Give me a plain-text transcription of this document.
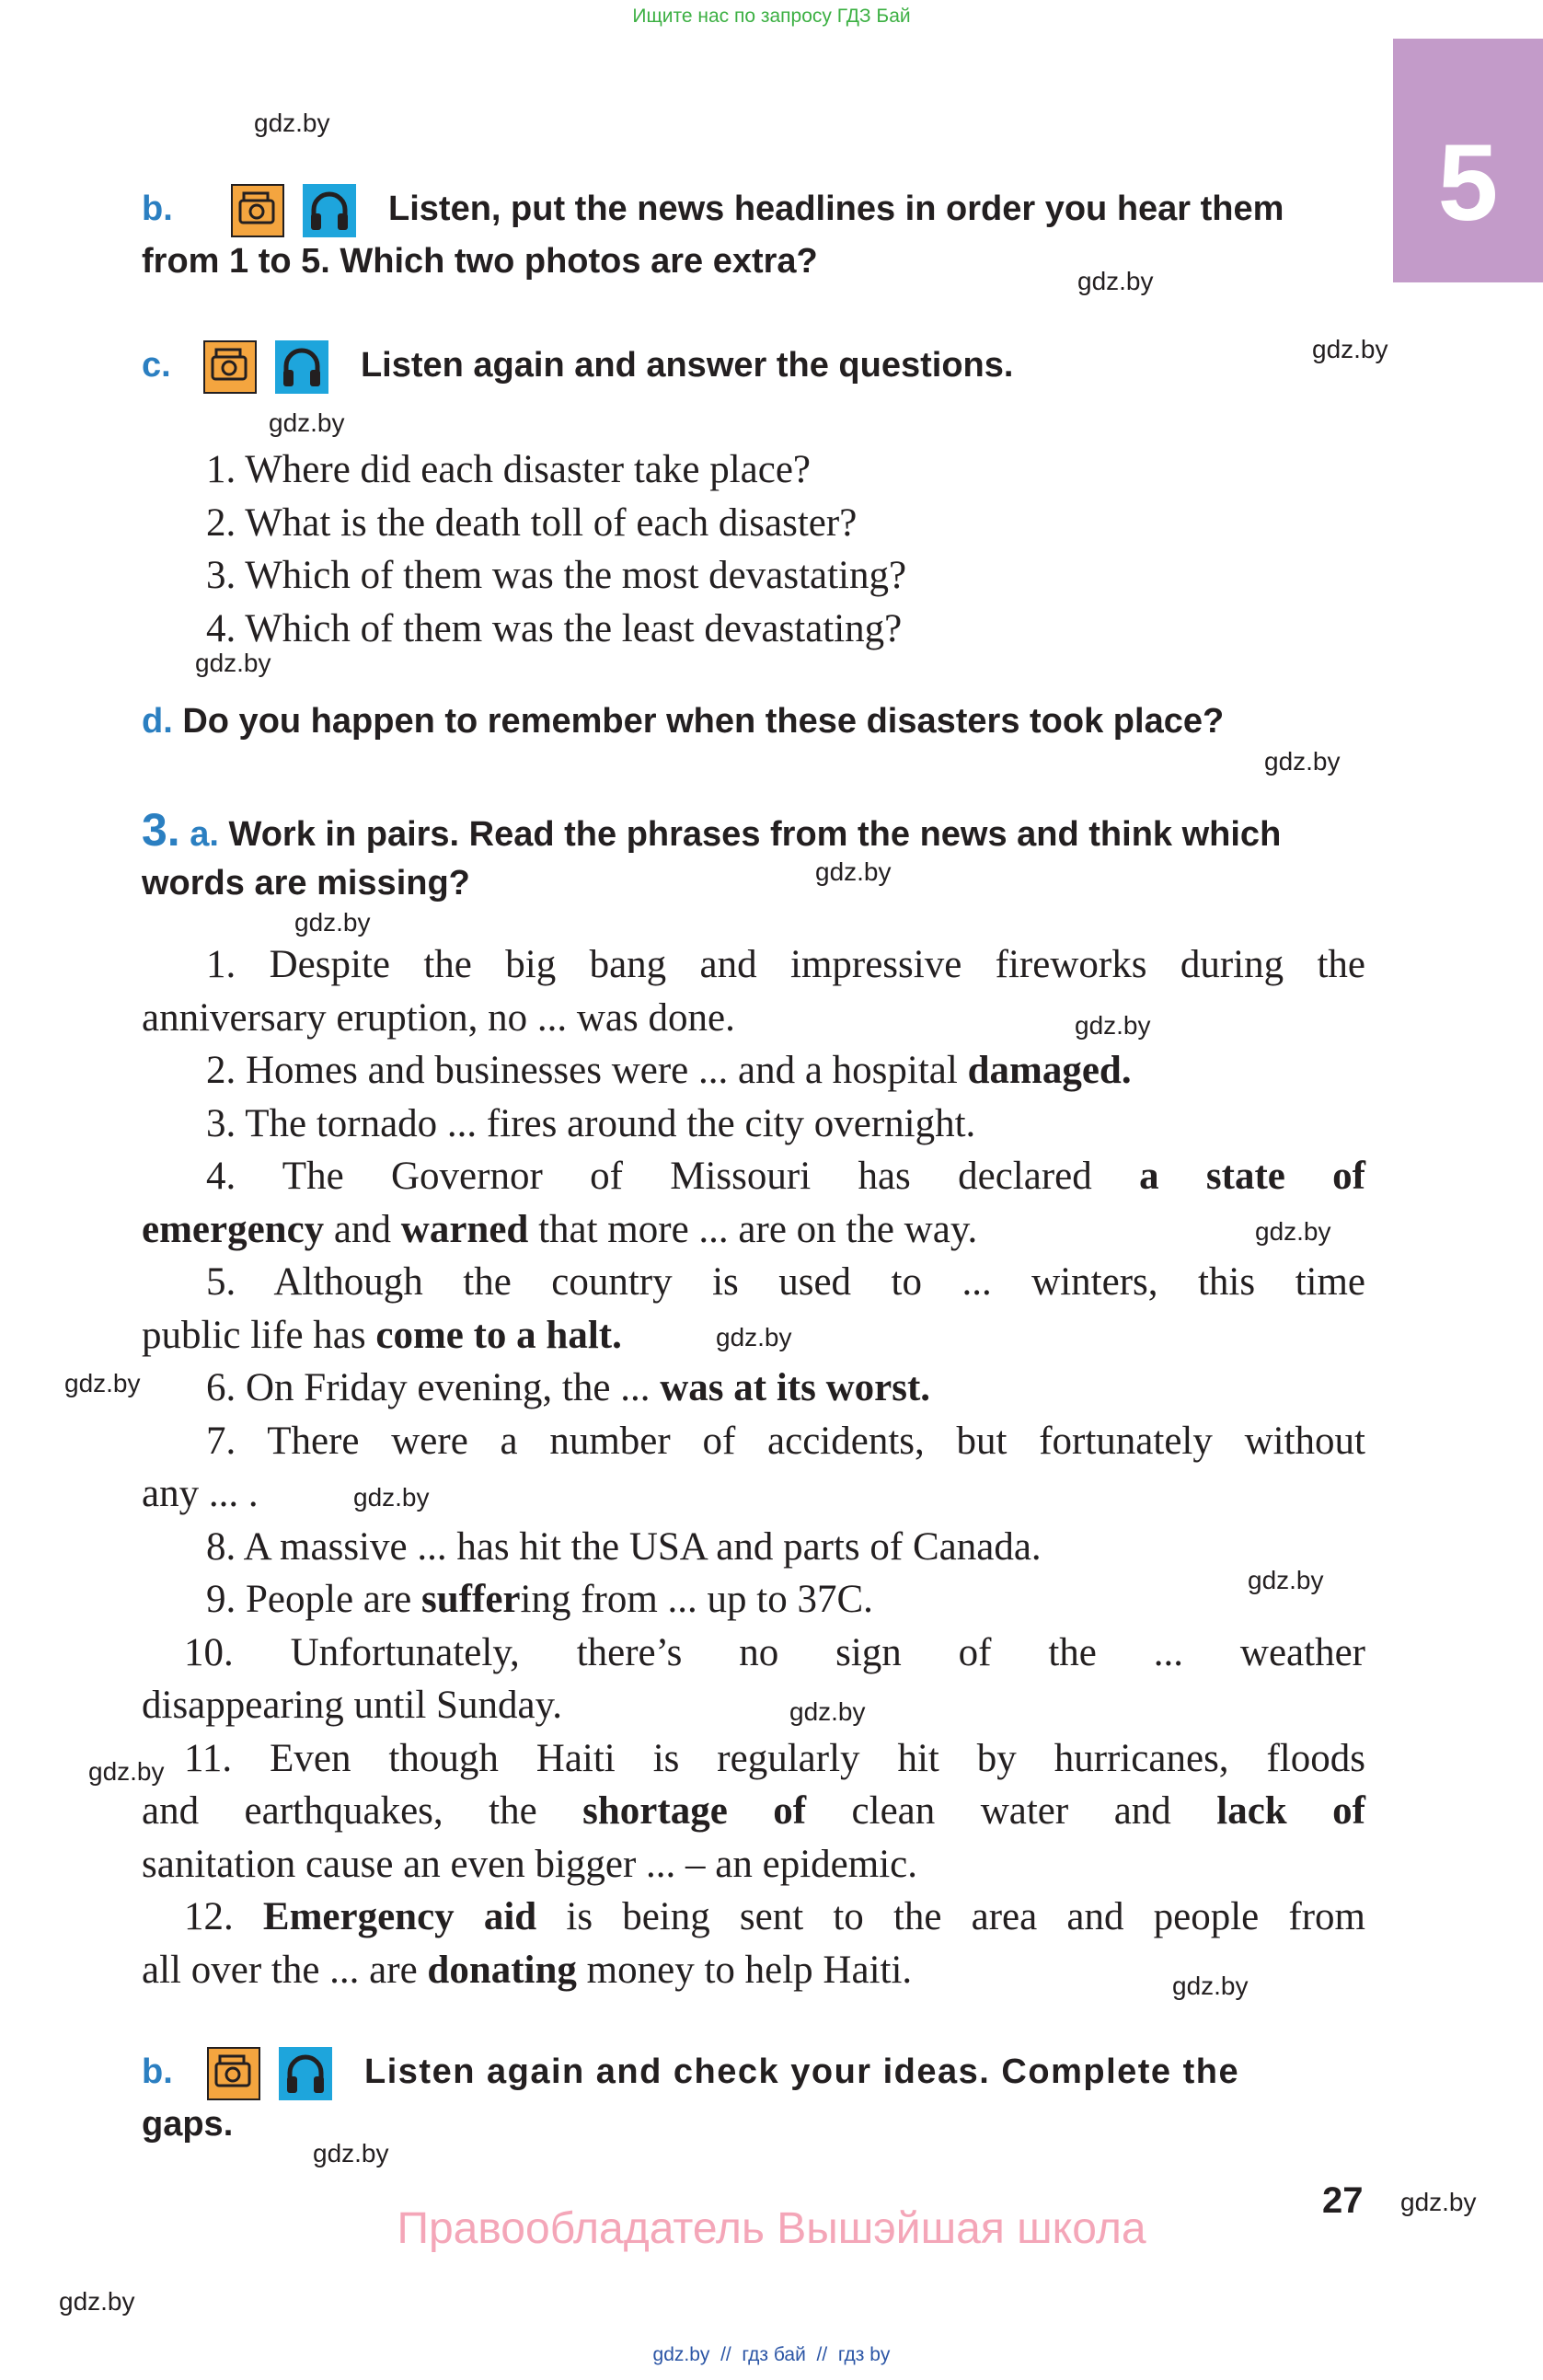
Ищите нас по запросу ГДЗ Бай
5
gdz.by
gdz.by
gdz.by
gdz.by
gdz.by
gdz.by
gdz.by
gdz.by
gdz.by
gdz.by
gdz.by
gdz.by
gdz.by
gdz.by
gdz.by
gdz.by
gdz.by
gdz.by
gdz.by
gdz.by
b.	Listen, put the news headlines in order you hear them
from 1 to 5. Which two photos are extra?
c.	Listen again and answer the questions.
1. Where did each disaster take place?
2. What is the death toll of each disaster?
3. Which of them was the most devastating?
4. Which of them was the least devastating?
d. Do you happen to remember when these disasters took place?
3. a. Work in pairs. Read the phrases from the news and think which
words are missing?
1. Despite the big bang and impressive fireworks during the
anniversary eruption, no ... was done.
2. Homes and businesses were ... and a hospital damaged.
3. The tornado ... fires around the city overnight.
4. The Governor of Missouri has declared a state of
emergency and warned that more ... are on the way.
5. Although the country is used to ... winters, this time
public life has come to a halt.
6. On Friday evening, the ... was at its worst.
7. There were a number of accidents, but fortunately without
any ... .
8. A massive ... has hit the USA and parts of Canada.
9. People are suffering from ... up to 37C.
10. Unfortunately, there’s no sign of the ... weather
disappearing until Sunday.
11. Even though Haiti is regularly hit by hurricanes, floods
and earthquakes, the shortage of clean water and lack of
sanitation cause an even bigger ... – an epidemic.
12. Emergency aid is being sent to the area and people from
all over the ... are donating money to help Haiti.
b.	Listen again and check your ideas. Complete the
gaps.
27
Правообладатель Вышэйшая школа
gdz.by  //  гдз бай  //  гдз by
